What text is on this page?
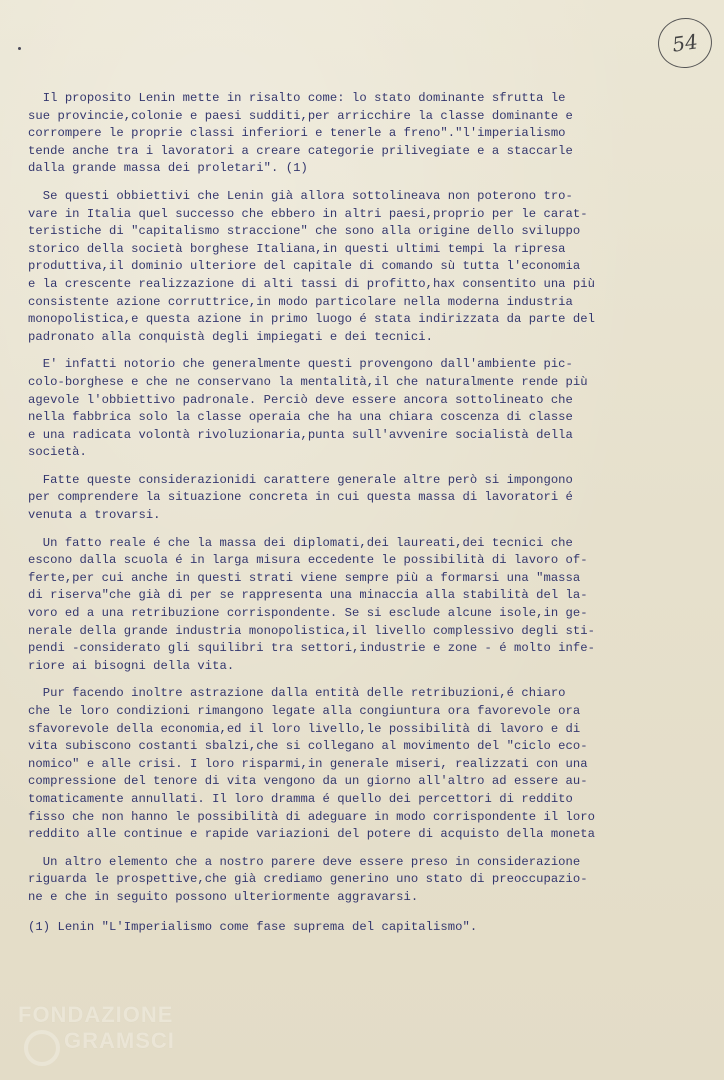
54
Il proposito Lenin mette in risalto come: lo stato dominante sfrutta le
sue provincie,colonie e paesi sudditi,per arricchire la classe dominante e
corrompere le proprie classi inferiori e tenerle a freno"."l'imperialismo
tende anche tra i lavoratori a creare categorie prilivegiate e a staccarle
dalla grande massa dei proletari". (1)
Se questi obbiettivi che Lenin già allora sottolineava non poterono tro-
vare in Italia quel successo che ebbero in altri paesi,proprio per le carat-
teristiche di "capitalismo straccione" che sono alla origine dello sviluppo
storico della società borghese Italiana,in questi ultimi tempi la ripresa
produttiva,il dominio ulteriore del capitale di comando sù tutta l'economia
e la crescente realizzazione di alti tassi di profitto,hax consentito una più
consistente azione corruttrice,in modo particolare nella moderna industria
monopolistica,e questa azione in primo luogo é stata indirizzata da parte del
padronato alla conquistà degli impiegati e dei tecnici.
E' infatti notorio che generalmente questi provengono dall'ambiente pic-
colo-borghese e che ne conservano la mentalità,il che naturalmente rende più
agevole l'obbiettivo padronale. Perciò deve essere ancora sottolineato che
nella fabbrica solo la classe operaia che ha una chiara coscenza di classe
e una radicata volontà rivoluzionaria,punta sull'avvenire socialistà della
società.
Fatte queste considerazionidi carattere generale altre però si impongono
per comprendere la situazione concreta in cui questa massa di lavoratori é
venuta a trovarsi.
Un fatto reale é che la massa dei diplomati,dei laureati,dei tecnici che
escono dalla scuola é in larga misura eccedente le possibilità di lavoro of-
ferte,per cui anche in questi strati viene sempre più a formarsi una "massa
di riserva"che già di per se rappresenta una minaccia alla stabilità del la-
voro ed a una retribuzione corrispondente. Se si esclude alcune isole,in ge-
nerale della grande industria monopolistica,il livello complessivo degli sti-
pendi -considerato gli squilibri tra settori,industrie e zone - é molto infe-
riore ai bisogni della vita.
Pur facendo inoltre astrazione dalla entità delle retribuzioni,é chiaro
che le loro condizioni rimangono legate alla congiuntura ora favorevole ora
sfavorevole della economia,ed il loro livello,le possibilità di lavoro e di
vita subiscono costanti sbalzi,che si collegano al movimento del "ciclo eco-
nomico" e alle crisi. I loro risparmi,in generale miseri, realizzati con una
compressione del tenore di vita vengono da un giorno all'altro ad essere au-
tomaticamente annullati. Il loro dramma é quello dei percettori di reddito
fisso che non hanno le possibilità di adeguare in modo corrispondente il loro
reddito alle continue e rapide variazioni del potere di acquisto della moneta
Un altro elemento che a nostro parere deve essere preso in considerazione
riguarda le prospettive,che già crediamo generino uno stato di preoccupazio-
ne e che in seguito possono ulteriormente aggravarsi.
(1) Lenin "L'Imperialismo come fase suprema del capitalismo".
FONDAZIONE
GRAMSCI
